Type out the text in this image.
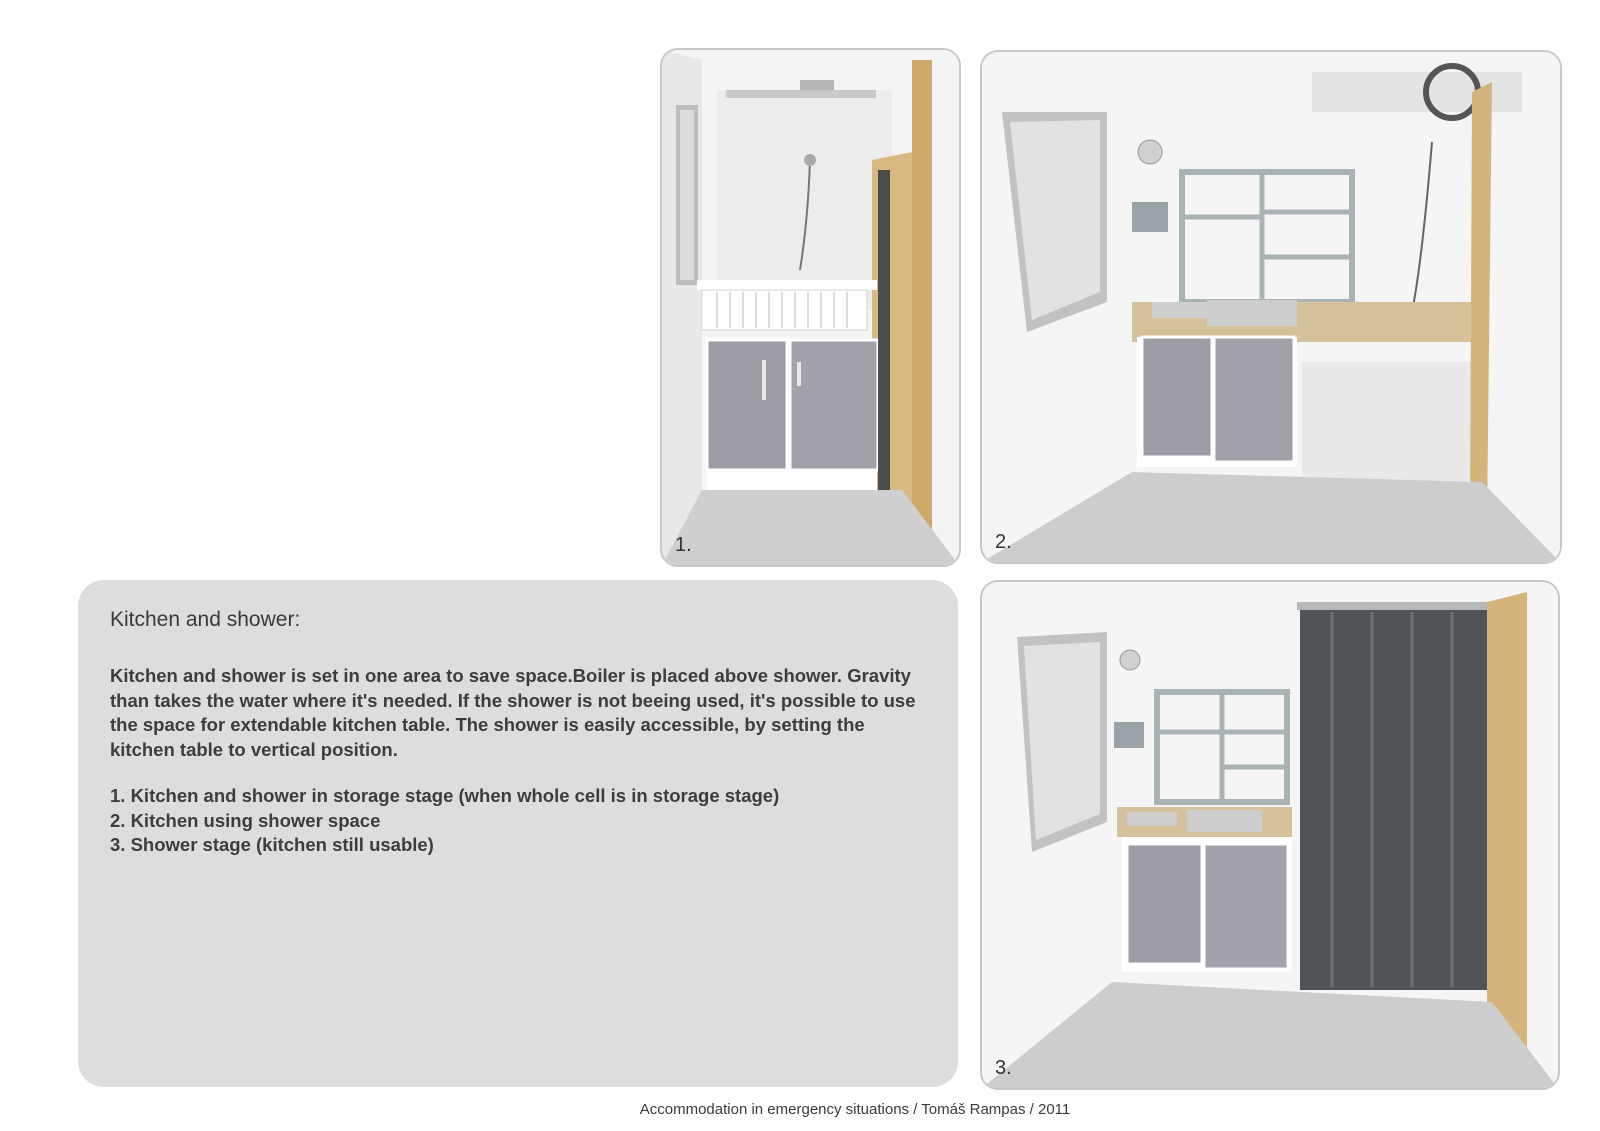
1.	2.
Kitchen and shower:

Kitchen and shower is set in one area to save space.Boiler is placed above shower. Gravity than takes the water where it's needed. If the shower is not beeing used, it's possible to use the space for extendable kitchen table. The shower is easily accessible, by setting the kitchen table to vertical position.

1. Kitchen and shower in storage stage (when whole cell is in storage stage)
2. Kitchen using shower space
3. Shower stage (kitchen still usable)
3.
Accommodation in emergency situations / Tomáš Rampas / 2011
